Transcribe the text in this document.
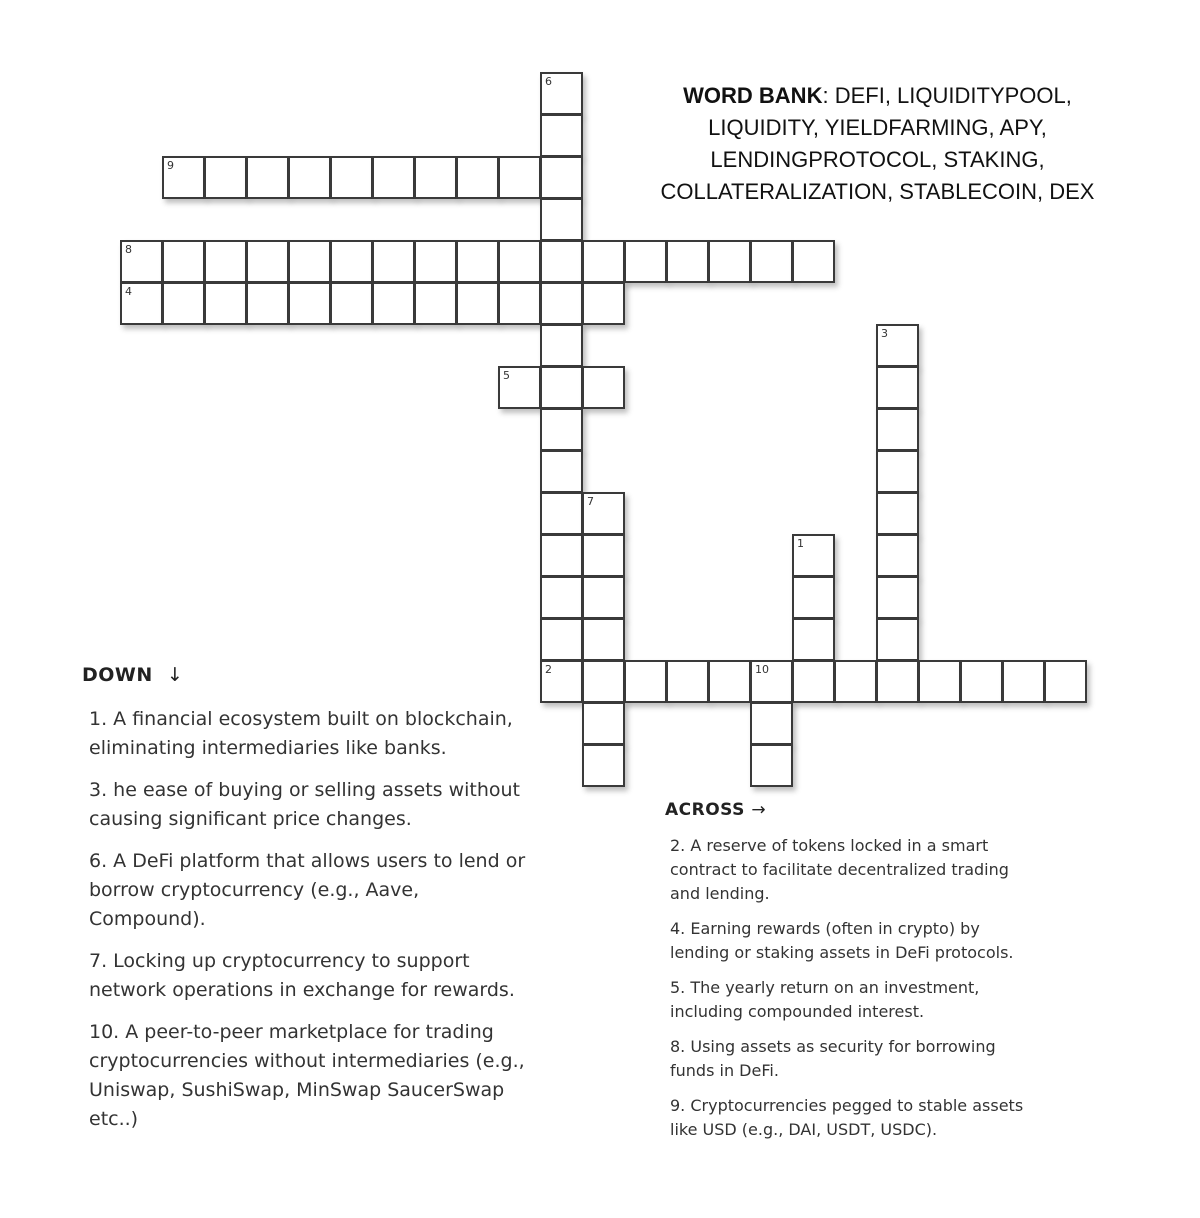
6
9
8
4
3
5
7
1
2	10
WORD BANK: DEFI, LIQUIDITYPOOL, LIQUIDITY, YIELDFARMING, APY, LENDINGPROTOCOL, STAKING, COLLATERALIZATION, STABLECOIN, DEX
DOWN ↓
1. A financial ecosystem built on blockchain, eliminating intermediaries like banks.
3. he ease of buying or selling assets without causing significant price changes.
6. A DeFi platform that allows users to lend or borrow cryptocurrency (e.g., Aave, Compound).
7. Locking up cryptocurrency to support network operations in exchange for rewards.
10. A peer-to-peer marketplace for trading cryptocurrencies without intermediaries (e.g., Uniswap, SushiSwap, MinSwap SaucerSwap etc..)
ACROSS →
2. A reserve of tokens locked in a smart contract to facilitate decentralized trading and lending.
4. Earning rewards (often in crypto) by lending or staking assets in DeFi protocols.
5. The yearly return on an investment, including compounded interest.
8. Using assets as security for borrowing funds in DeFi.
9. Cryptocurrencies pegged to stable assets like USD (e.g., DAI, USDT, USDC).
